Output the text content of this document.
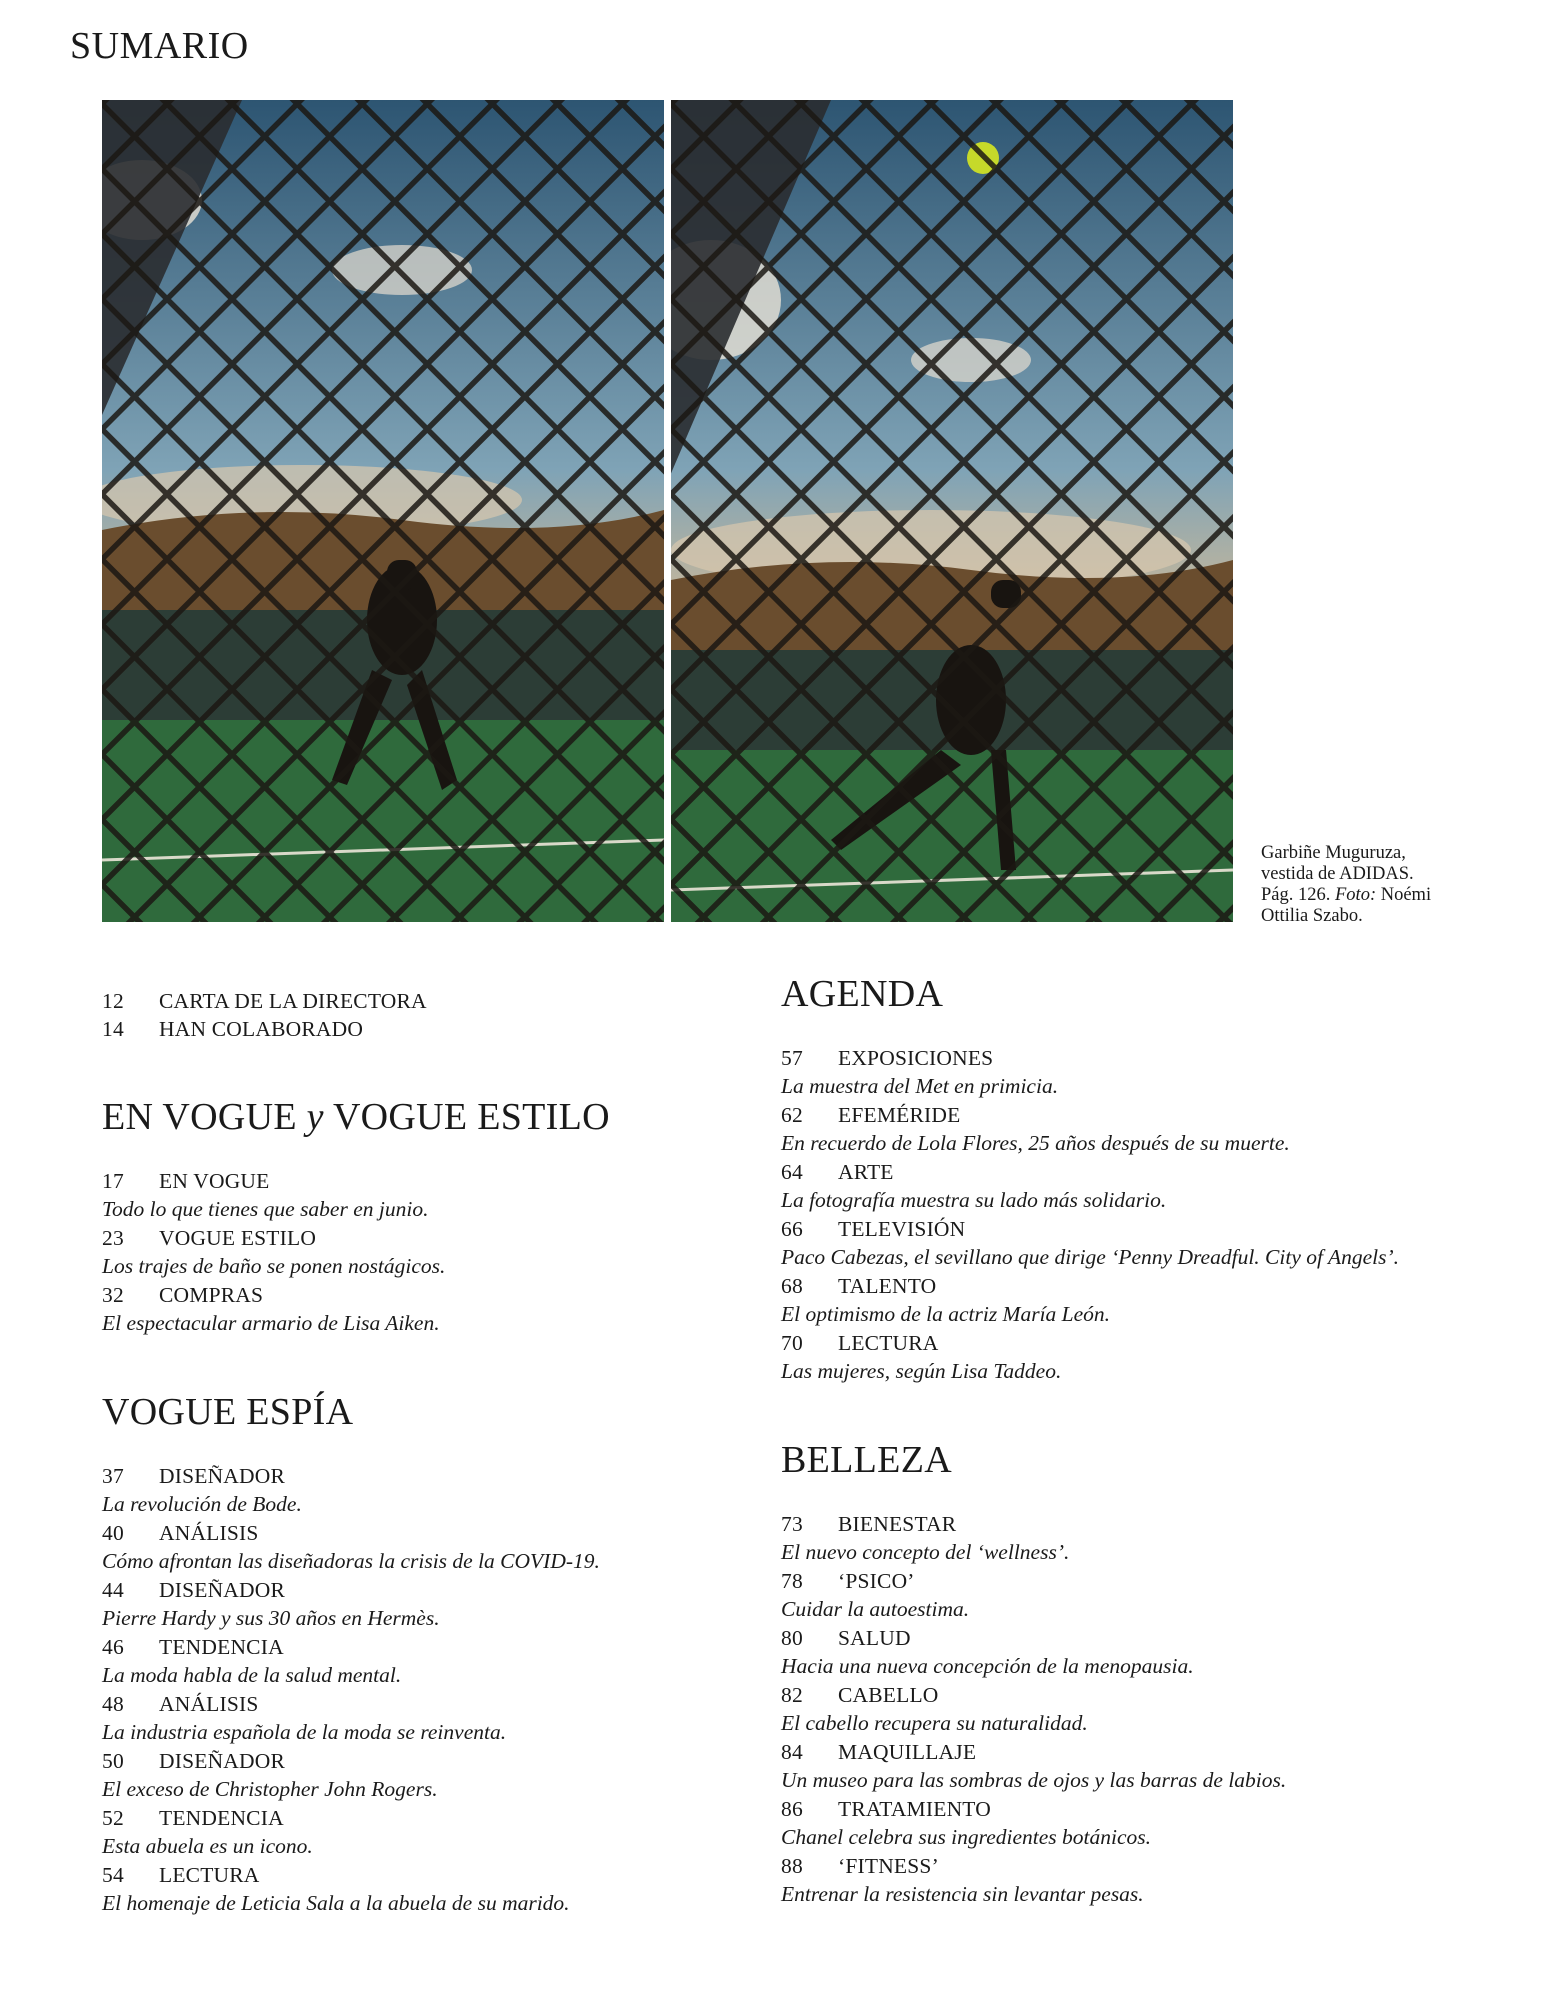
SUMARIO
Garbiñe Muguruza,
vestida de ADIDAS.
Pág. 126. Foto: Noémi
Ottilia Szabo.
12	CARTA DE LA DIRECTORA
14	HAN COLABORADO
EN VOGUE y VOGUE ESTILO
17	EN VOGUE
Todo lo que tienes que saber en junio.
23	VOGUE ESTILO
Los trajes de baño se ponen nostágicos.
32	COMPRAS
El espectacular armario de Lisa Aiken.
VOGUE ESPÍA
37	DISEÑADOR
La revolución de Bode.
40	ANÁLISIS
Cómo afrontan las diseñadoras la crisis de la COVID-19.
44	DISEÑADOR
Pierre Hardy y sus 30 años en Hermès.
46	TENDENCIA
La moda habla de la salud mental.
48	ANÁLISIS
La industria española de la moda se reinventa.
50	DISEÑADOR
El exceso de Christopher John Rogers.
52	TENDENCIA
Esta abuela es un icono.
54	LECTURA
El homenaje de Leticia Sala a la abuela de su marido.
AGENDA
57	EXPOSICIONES
La muestra del Met en primicia.
62	EFEMÉRIDE
En recuerdo de Lola Flores, 25 años después de su muerte.
64	ARTE
La fotografía muestra su lado más solidario.
66	TELEVISIÓN
Paco Cabezas, el sevillano que dirige ‘Penny Dreadful. City of Angels’.
68	TALENTO
El optimismo de la actriz María León.
70	LECTURA
Las mujeres, según Lisa Taddeo.
BELLEZA
73	BIENESTAR
El nuevo concepto del ‘wellness’.
78	‘PSICO’
Cuidar la autoestima.
80	SALUD
Hacia una nueva concepción de la menopausia.
82	CABELLO
El cabello recupera su naturalidad.
84	MAQUILLAJE
Un museo para las sombras de ojos y las barras de labios.
86	TRATAMIENTO
Chanel celebra sus ingredientes botánicos.
88	‘FITNESS’
Entrenar la resistencia sin levantar pesas.
